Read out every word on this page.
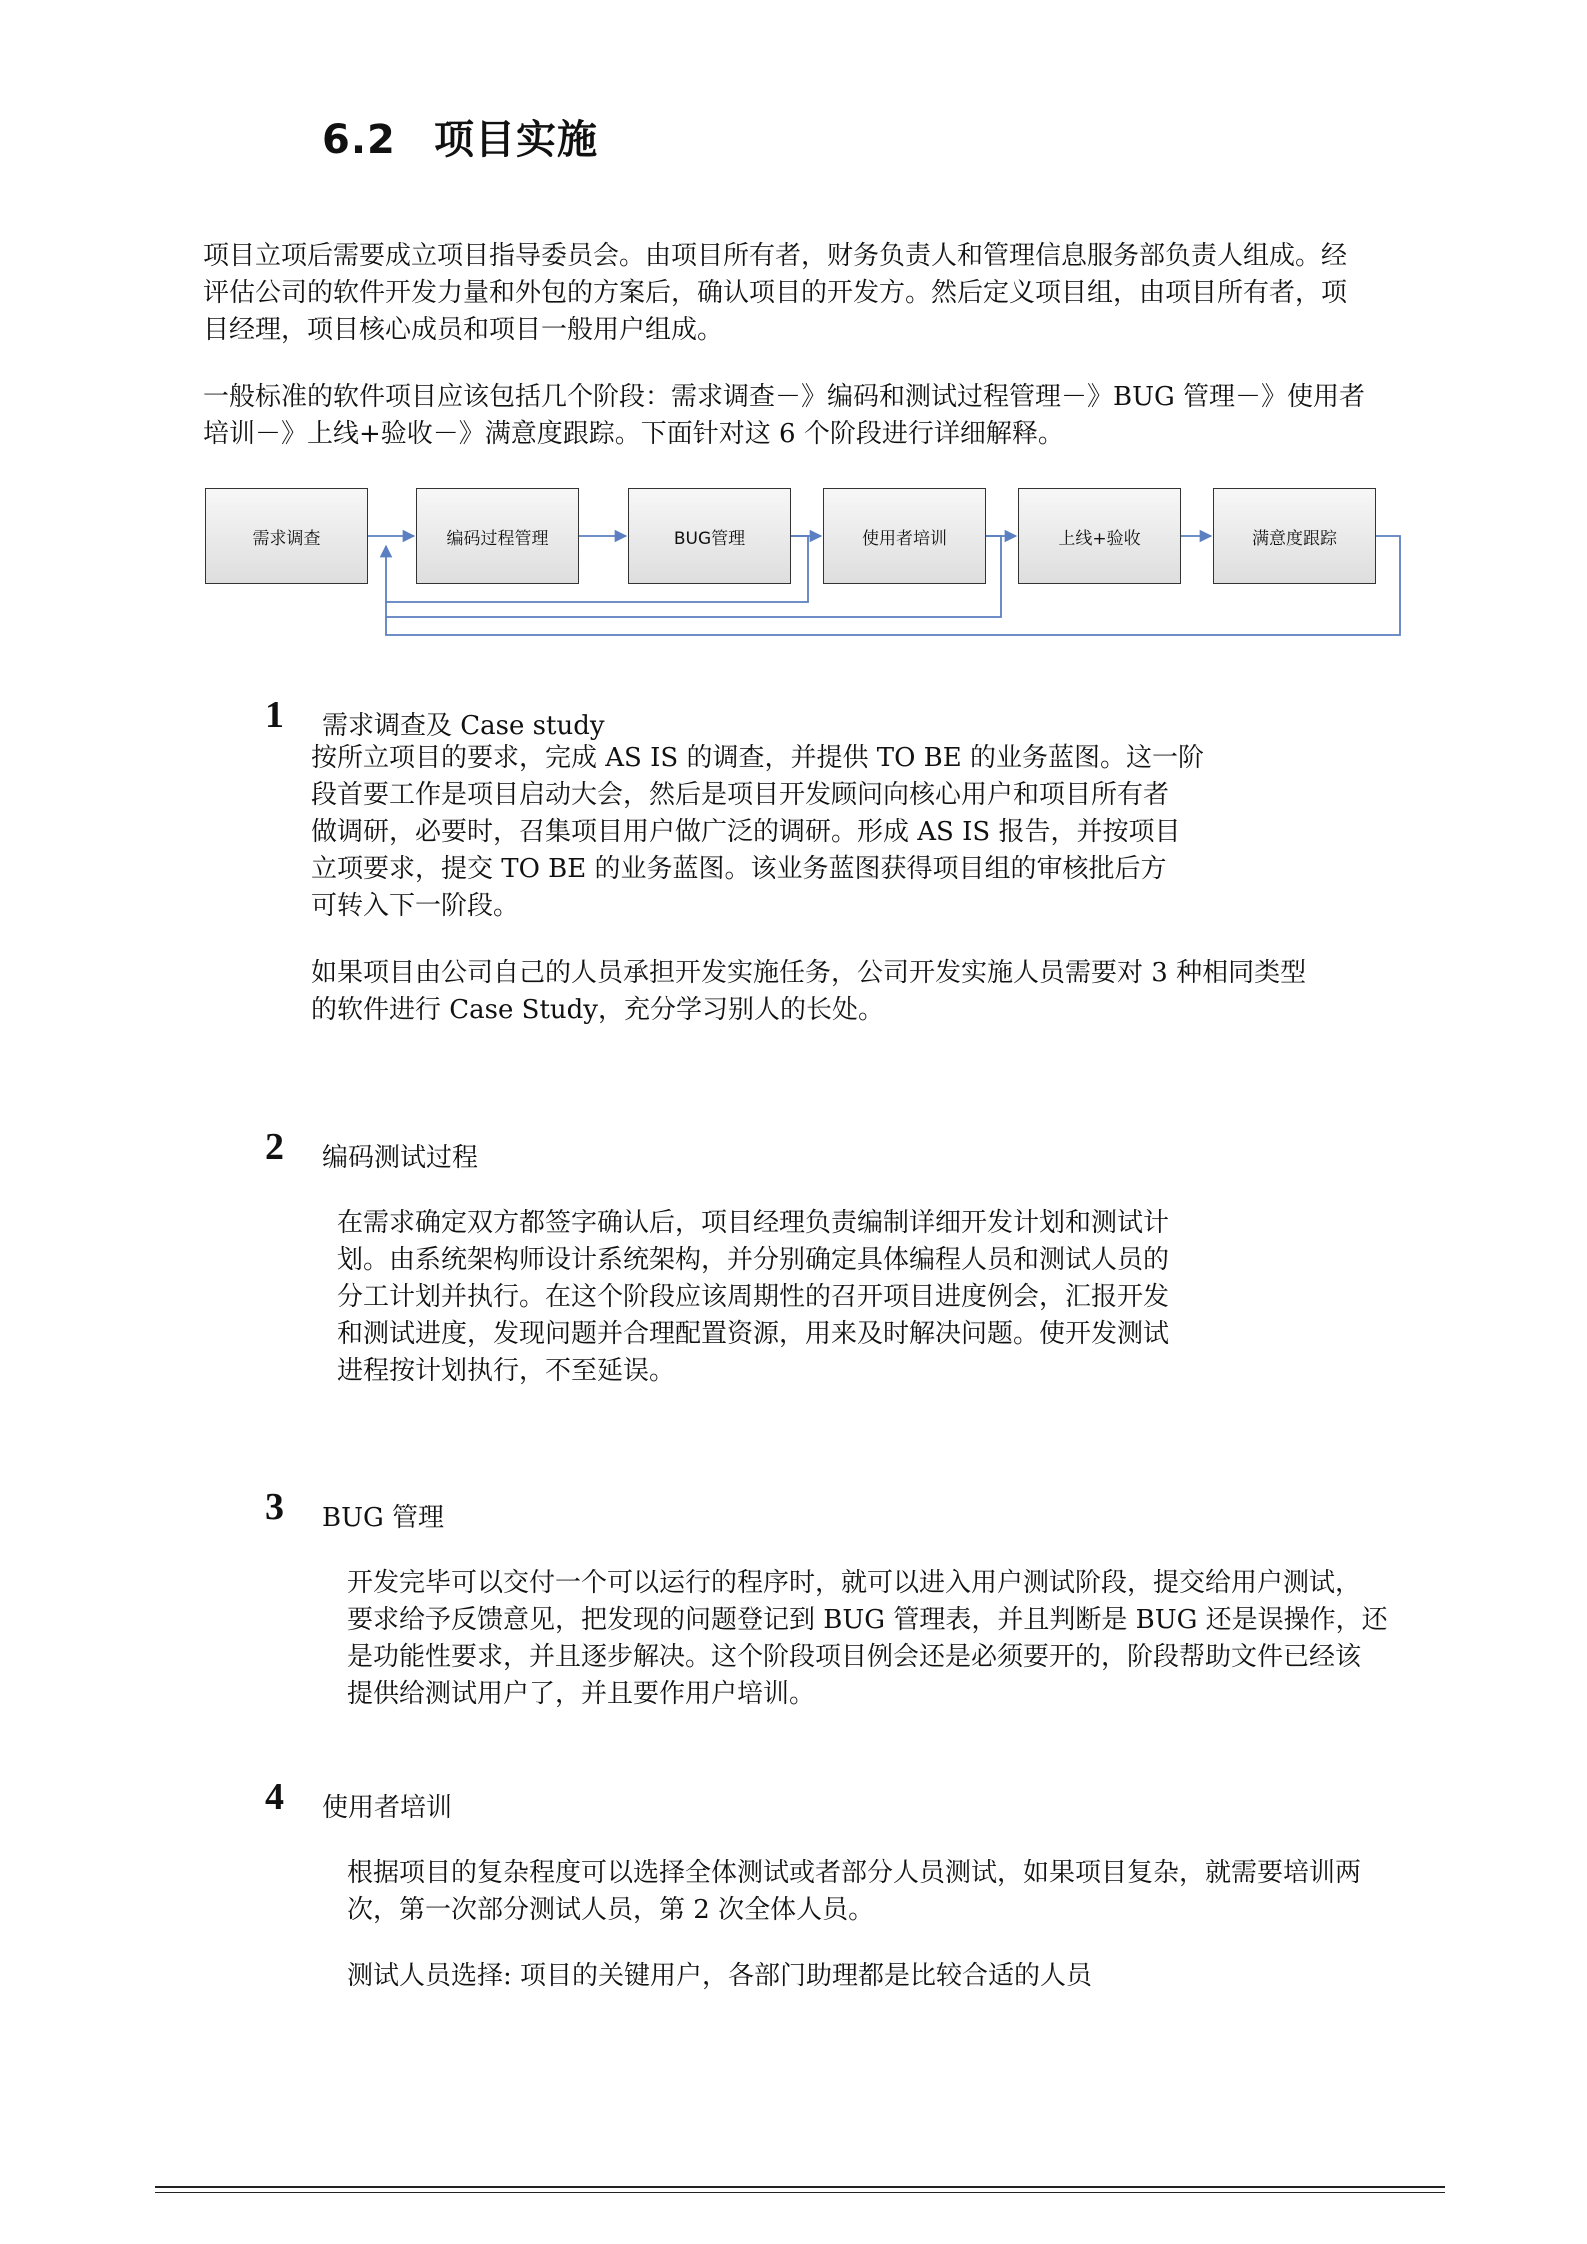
6.2 项目实施
项目立项后需要成立项目指导委员会。由项目所有者，财务负责人和管理信息服务部负责人组成。经
评估公司的软件开发力量和外包的方案后，确认项目的开发方。然后定义项目组，由项目所有者，项
目经理，项目核心成员和项目一般用户组成。
一般标准的软件项目应该包括几个阶段：需求调查－》编码和测试过程管理－》BUG 管理－》使用者
培训－》上线+验收－》满意度跟踪。下面针对这 6 个阶段进行详细解释。
需求调查	编码过程管理	BUG管理	使用者培训	上线+验收	满意度跟踪
1 需求调查及 Case study
按所立项目的要求，完成 AS IS 的调查，并提供 TO BE 的业务蓝图。这一阶
段首要工作是项目启动大会，然后是项目开发顾问向核心用户和项目所有者
做调研，必要时，召集项目用户做广泛的调研。形成 AS IS 报告，并按项目
立项要求，提交 TO BE 的业务蓝图。该业务蓝图获得项目组的审核批后方
可转入下一阶段。
如果项目由公司自己的人员承担开发实施任务，公司开发实施人员需要对 3 种相同类型
的软件进行 Case Study，充分学习别人的长处。
2 编码测试过程
在需求确定双方都签字确认后，项目经理负责编制详细开发计划和测试计
划。由系统架构师设计系统架构，并分别确定具体编程人员和测试人员的
分工计划并执行。在这个阶段应该周期性的召开项目进度例会，汇报开发
和测试进度，发现问题并合理配置资源，用来及时解决问题。使开发测试
进程按计划执行，不至延误。
3 BUG 管理
开发完毕可以交付一个可以运行的程序时，就可以进入用户测试阶段，提交给用户测试，
要求给予反馈意见，把发现的问题登记到 BUG 管理表，并且判断是 BUG 还是误操作，还
是功能性要求，并且逐步解决。这个阶段项目例会还是必须要开的，阶段帮助文件已经该
提供给测试用户了，并且要作用户培训。
4 使用者培训
根据项目的复杂程度可以选择全体测试或者部分人员测试，如果项目复杂，就需要培训两
次，第一次部分测试人员，第 2 次全体人员。
测试人员选择: 项目的关键用户，各部门助理都是比较合适的人员
